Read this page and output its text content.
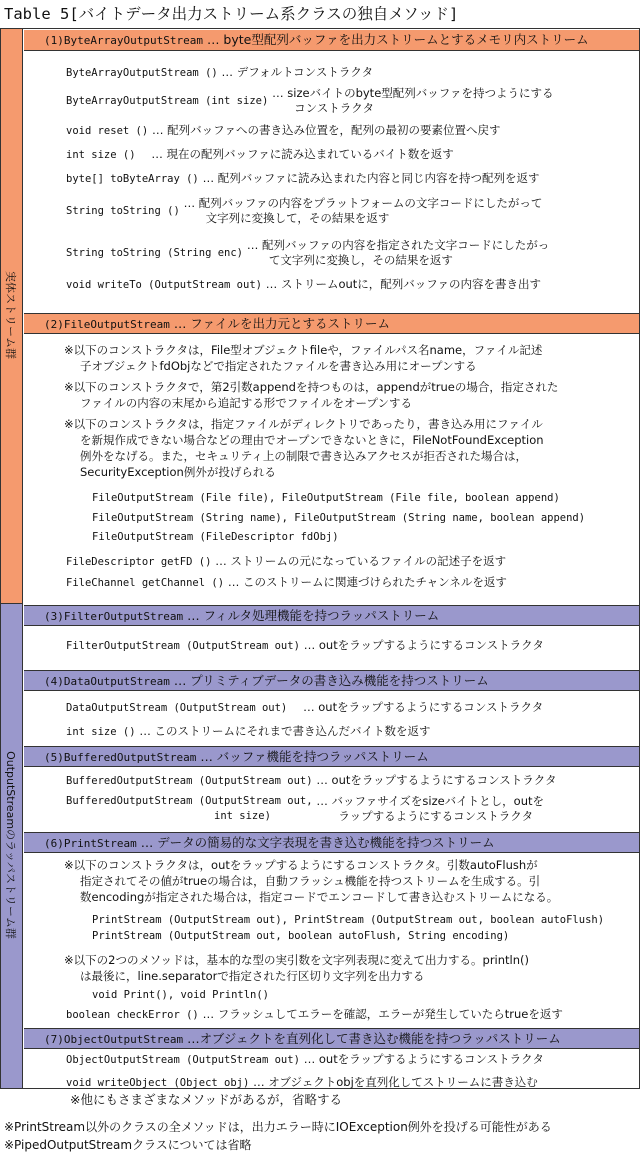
Table 5[バイトデータ出力ストリーム系クラスの独自メソッド]
実体ストリーム群
OutputStreamのラッパストリーム群
(1)ByteArrayOutputStream … byte型配列バッファを出力ストリームとするメモリ内ストリーム
ByteArrayOutputStream () … デフォルトコンストラクタ
ByteArrayOutputStream (int size) … sizeバイトのbyte型配列バッファを持つようにする
コンストラクタ
void reset () … 配列バッファへの書き込み位置を，配列の最初の要素位置へ戻す
int size () … 現在の配列バッファに読み込まれているバイト数を返す
byte[] toByteArray () … 配列バッファに読み込まれた内容と同じ内容を持つ配列を返す
String toString () … 配列バッファの内容をプラットフォームの文字コードにしたがって
文字列に変換して，その結果を返す
String toString (String enc) … 配列バッファの内容を指定された文字コードにしたがっ
て文字列に変換し，その結果を返す
void writeTo (OutputStream out) … ストリームoutに，配列バッファの内容を書き出す
(2)FileOutputStream … ファイルを出力元とするストリーム
※以下のコンストラクタは，File型オブジェクトfileや，ファイルパス名name，ファイル記述
子オブジェクトfdObjなどで指定されたファイルを書き込み用にオープンする
※以下のコンストラクタで，第2引数appendを持つものは，appendがtrueの場合，指定された
ファイルの内容の末尾から追記する形でファイルをオープンする
※以下のコンストラクタは，指定ファイルがディレクトリであったり，書き込み用にファイル
を新規作成できない場合などの理由でオープンできないときに，FileNotFoundException
例外をなげる。また，セキュリティ上の制限で書き込みアクセスが拒否された場合は，
SecurityException例外が投げられる
FileOutputStream (File file), FileOutputStream (File file, boolean append)
FileOutputStream (String name), FileOutputStream (String name, boolean append)
FileOutputStream (FileDescriptor fdObj)
FileDescriptor getFD () … ストリームの元になっているファイルの記述子を返す
FileChannel getChannel () … このストリームに関連づけられたチャンネルを返す
(3)FilterOutputStream … フィルタ処理機能を持つラッパストリーム
FilterOutputStream (OutputStream out) … outをラップするようにするコンストラクタ
(4)DataOutputStream … プリミティブデータの書き込み機能を持つストリーム
DataOutputStream (OutputStream out) … outをラップするようにするコンストラクタ
int size () … このストリームにそれまで書き込んだバイト数を返す
(5)BufferedOutputStream … バッファ機能を持つラッパストリーム
BufferedOutputStream (OutputStream out) … outをラップするようにするコンストラクタ
BufferedOutputStream (OutputStream out,
int size) … バッファサイズをsizeバイトとし，outを
ラップするようにするコンストラクタ
(6)PrintStream … データの簡易的な文字表現を書き込む機能を持つストリーム
※以下のコンストラクタは，outをラップするようにするコンストラクタ。引数autoFlushが
指定されてその値がtrueの場合は，自動フラッシュ機能を持つストリームを生成する。引
数encodingが指定された場合は，指定コードでエンコードして書き込むストリームになる。
PrintStream (OutputStream out), PrintStream (OutputStream out, boolean autoFlush)
PrintStream (OutputStream out, boolean autoFlush, String encoding)
※以下の2つのメソッドは，基本的な型の実引数を文字列表現に変えて出力する。println()
は最後に，line.separatorで指定された行区切り文字列を出力する
void Print(), void Println()
boolean checkError () … フラッシュしてエラーを確認，エラーが発生していたらtrueを返す
(7)ObjectOutputStream …オブジェクトを直列化して書き込む機能を持つラッパストリーム
ObjectOutputStream (OutputStream out) … outをラップするようにするコンストラクタ
void writeObject (Object obj) … オブジェクトobjを直列化してストリームに書き込む
※他にもさまざまなメソッドがあるが，省略する
※PrintStream以外のクラスの全メソッドは，出力エラー時にIOException例外を投げる可能性がある
※PipedOutputStreamクラスについては省略
